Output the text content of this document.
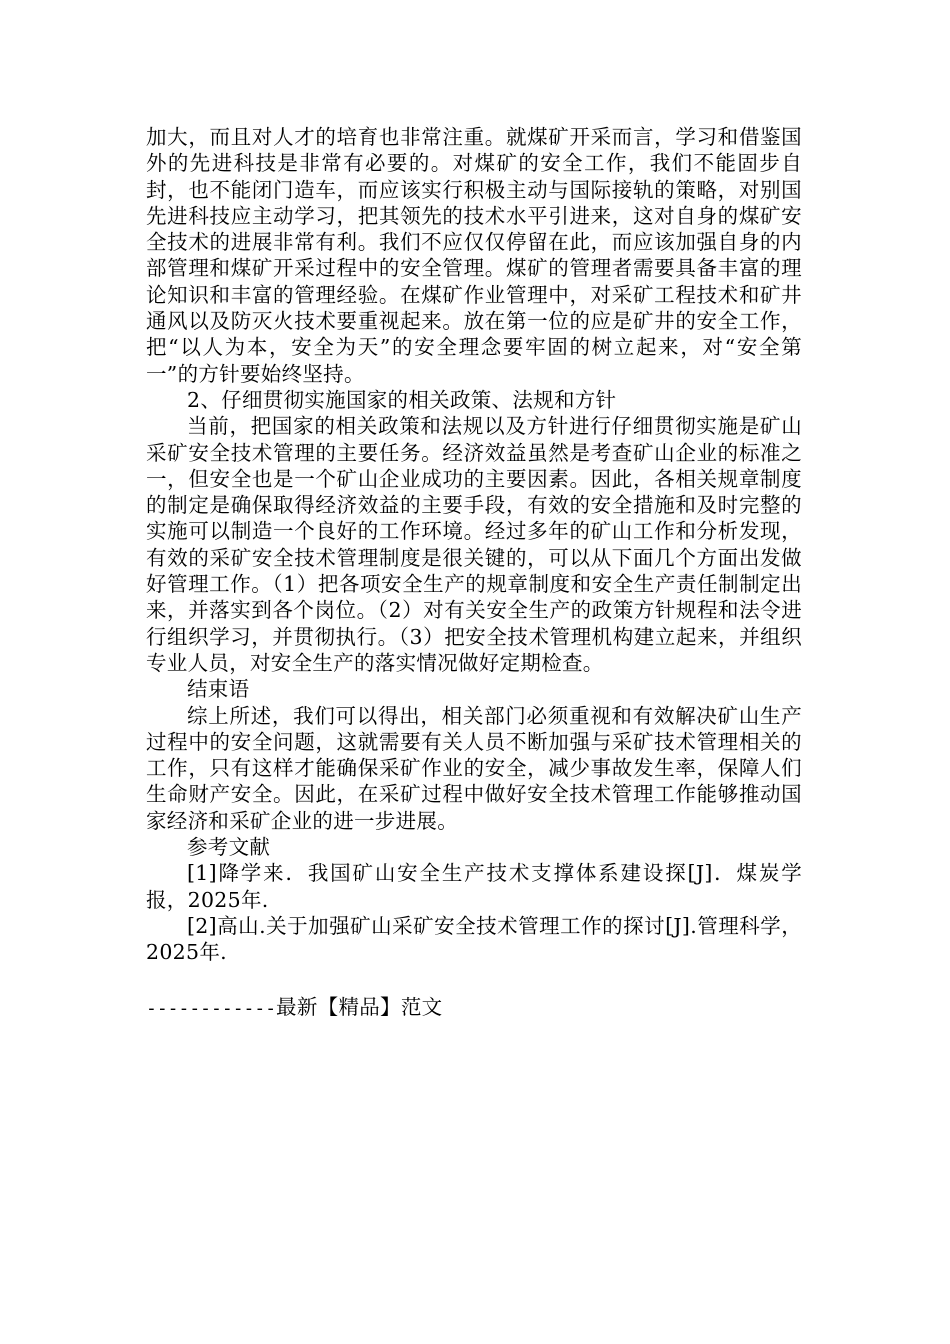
加大，而且对人才的培育也非常注重。就煤矿开采而言，学习和借鉴国外的先进科技是非常有必要的。对煤矿的安全工作，我们不能固步自封，也不能闭门造车，而应该实行积极主动与国际接轨的策略，对别国先进科技应主动学习，把其领先的技术水平引进来，这对自身的煤矿安全技术的进展非常有利。我们不应仅仅停留在此，而应该加强自身的内部管理和煤矿开采过程中的安全管理。煤矿的管理者需要具备丰富的理论知识和丰富的管理经验。在煤矿作业管理中，对采矿工程技术和矿井通风以及防灭火技术要重视起来。放在第一位的应是矿井的安全工作，把“以人为本，安全为天”的安全理念要牢固的树立起来，对“安全第一”的方针要始终坚持。

2、仔细贯彻实施国家的相关政策、法规和方针

当前，把国家的相关政策和法规以及方针进行仔细贯彻实施是矿山采矿安全技术管理的主要任务。经济效益虽然是考查矿山企业的标准之一，但安全也是一个矿山企业成功的主要因素。因此，各相关规章制度的制定是确保取得经济效益的主要手段，有效的安全措施和及时完整的实施可以制造一个良好的工作环境。经过多年的矿山工作和分析发现，有效的采矿安全技术管理制度是很关键的，可以从下面几个方面出发做好管理工作。（1）把各项安全生产的规章制度和安全生产责任制制定出来，并落实到各个岗位。（2）对有关安全生产的政策方针规程和法令进行组织学习，并贯彻执行。（3）把安全技术管理机构建立起来，并组织专业人员，对安全生产的落实情况做好定期检查。

结束语

综上所述，我们可以得出，相关部门必须重视和有效解决矿山生产过程中的安全问题，这就需要有关人员不断加强与采矿技术管理相关的工作，只有这样才能确保采矿作业的安全，减少事故发生率，保障人们生命财产安全。因此，在采矿过程中做好安全技术管理工作能够推动国家经济和采矿企业的进一步进展。

参考文献

[1]降学来．我国矿山安全生产技术支撑体系建设探[J]．煤炭学报，2025年.

[2]高山.关于加强矿山采矿安全技术管理工作的探讨[J].管理科学，2025年.

------------最新【精品】范文
